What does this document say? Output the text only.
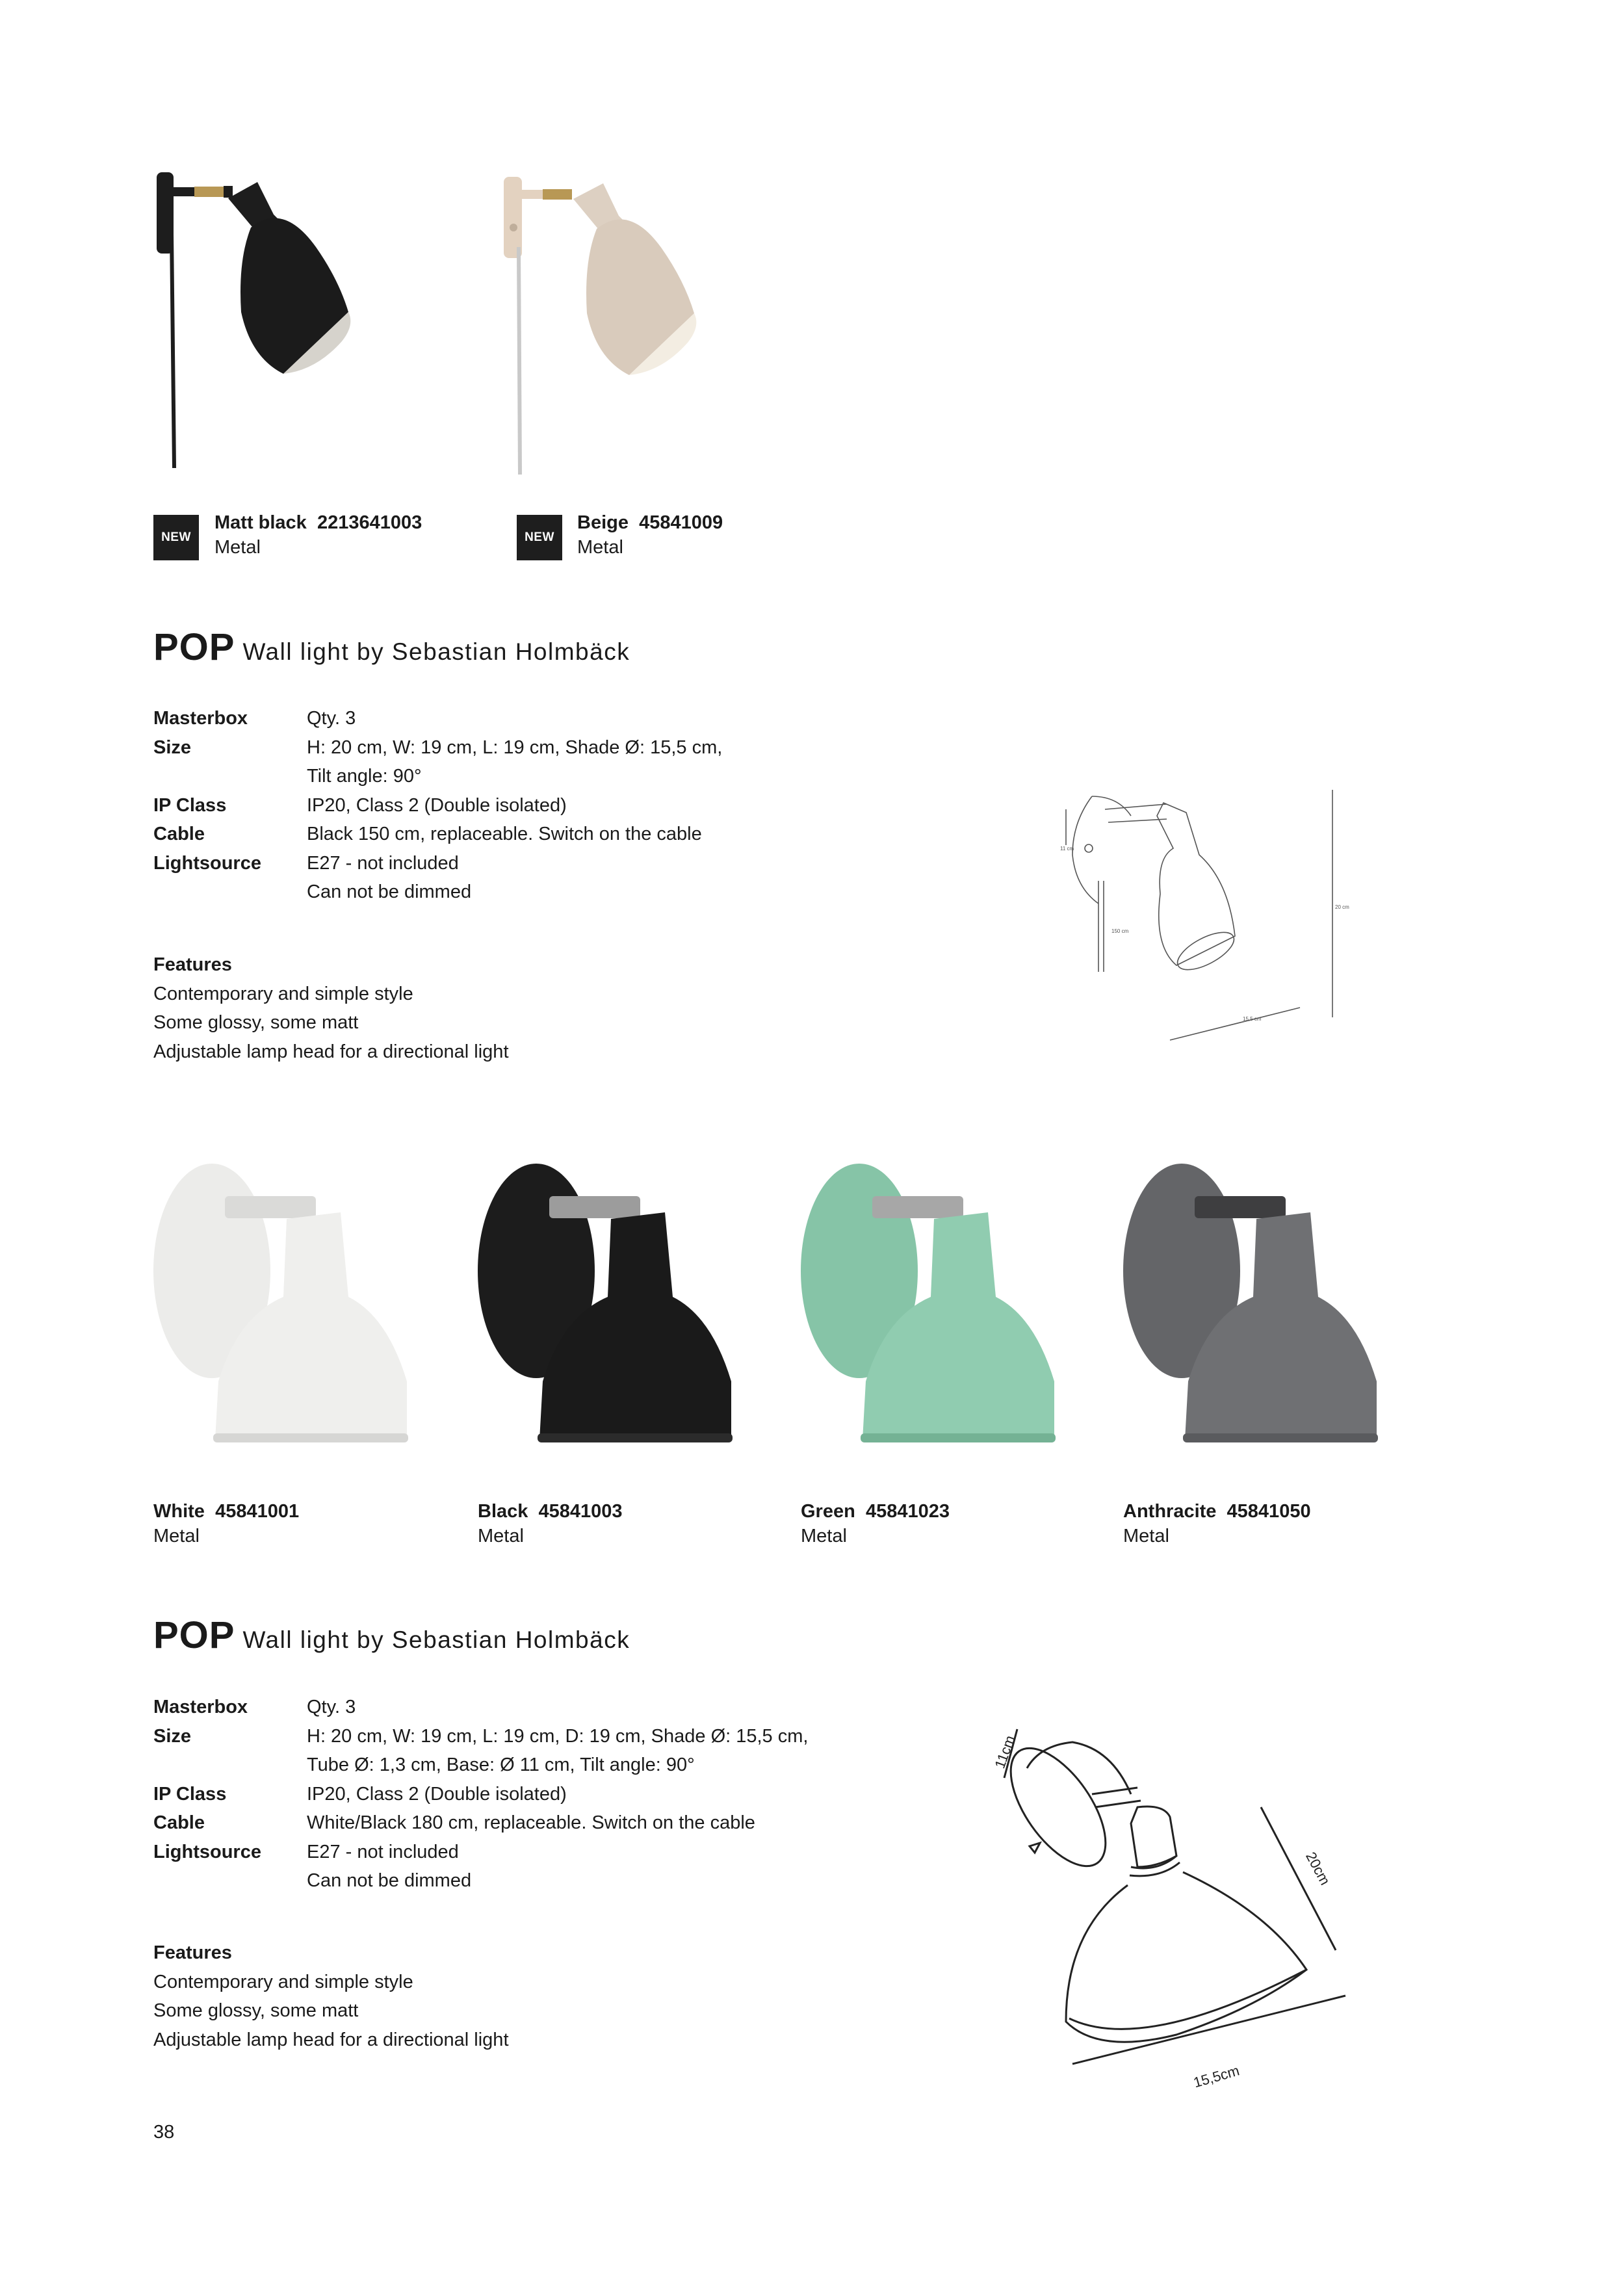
NEW
Matt black 2213641003
Metal	NEW
Beige 45841009
Metal
POP Wall light by Sebastian Holmbäck
Masterbox	Qty. 3
Size	H: 20 cm, W: 19 cm, L: 19 cm, Shade Ø: 15,5 cm,
Tilt angle: 90°
IP Class	IP20, Class 2 (Double isolated)
Cable	Black 150 cm, replaceable. Switch on the cable
Lightsource	E27 - not included
Can not be dimmed
Features
Contemporary and simple style
Some glossy, some matt
Adjustable lamp head for a directional light
11 cm
150 cm
20 cm
15,5 cm
White 45841001
Metal
Black 45841003
Metal
Green 45841023
Metal
Anthracite 45841050
Metal
POP Wall light by Sebastian Holmbäck
Masterbox	Qty. 3
Size	H: 20 cm, W: 19 cm, L: 19 cm, D: 19 cm, Shade Ø: 15,5 cm,
Tube Ø: 1,3 cm, Base: Ø 11 cm, Tilt angle: 90°
IP Class	IP20, Class 2 (Double isolated)
Cable	White/Black 180 cm, replaceable. Switch on the cable
Lightsource	E27 - not included
Can not be dimmed
Features
Contemporary and simple style
Some glossy, some matt
Adjustable lamp head for a directional light
11cm
20cm
15,5cm
38
